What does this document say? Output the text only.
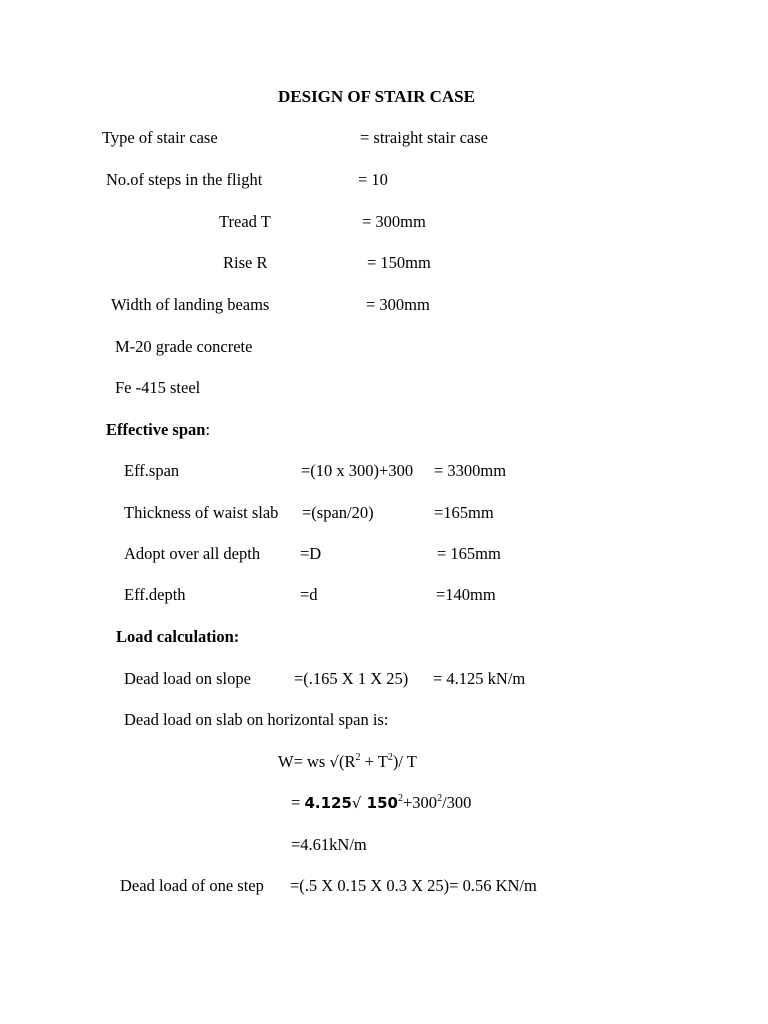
DESIGN OF STAIR CASE
Type of stair case	= straight stair case
No.of steps in the flight	= 10
Tread T	= 300mm
Rise R	= 150mm
Width of landing beams	= 300mm
M-20 grade concrete
Fe -415 steel
Effective span:
Eff.span	=(10 x 300)+300 = 3300mm
Thickness of waist slab =(span/20)	=165mm
Adopt over all depth =D	= 165mm
Eff.depth	=d	=140mm
Load calculation:
Dead load on slope	=(.165 X 1 X 25) = 4.125 kN/m
Dead load on slab on horizontal span is:
W= ws $√(R^2 + T^2)/$ T
= 4.125√ $150^2+300^2/300$
=4.61kN/m
Dead load of one step =(.5 X 0.15 X 0.3 X 25)= 0.56 KN/m
